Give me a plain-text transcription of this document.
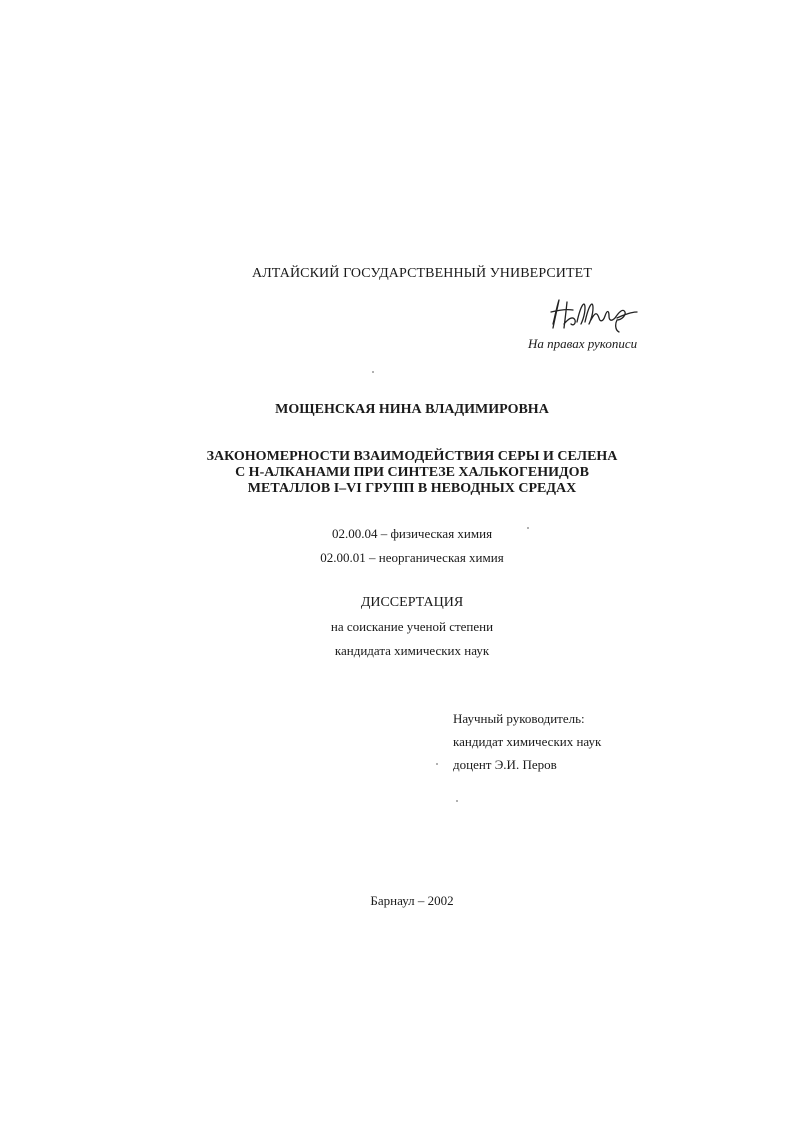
АЛТАЙСКИЙ ГОСУДАРСТВЕННЫЙ УНИВЕРСИТЕТ
На правах рукописи
МОЩЕНСКАЯ НИНА ВЛАДИМИРОВНА
ЗАКОНОМЕРНОСТИ ВЗАИМОДЕЙСТВИЯ СЕРЫ И СЕЛЕНА
С Н-АЛКАНАМИ ПРИ СИНТЕЗЕ ХАЛЬКОГЕНИДОВ
МЕТАЛЛОВ I–VI ГРУПП В НЕВОДНЫХ СРЕДАХ
02.00.04 – физическая химия
02.00.01 – неорганическая химия
ДИССЕРТАЦИЯ
на соискание ученой степени
кандидата химических наук
Научный руководитель:
кандидат химических наук
доцент Э.И. Перов
Барнаул – 2002
